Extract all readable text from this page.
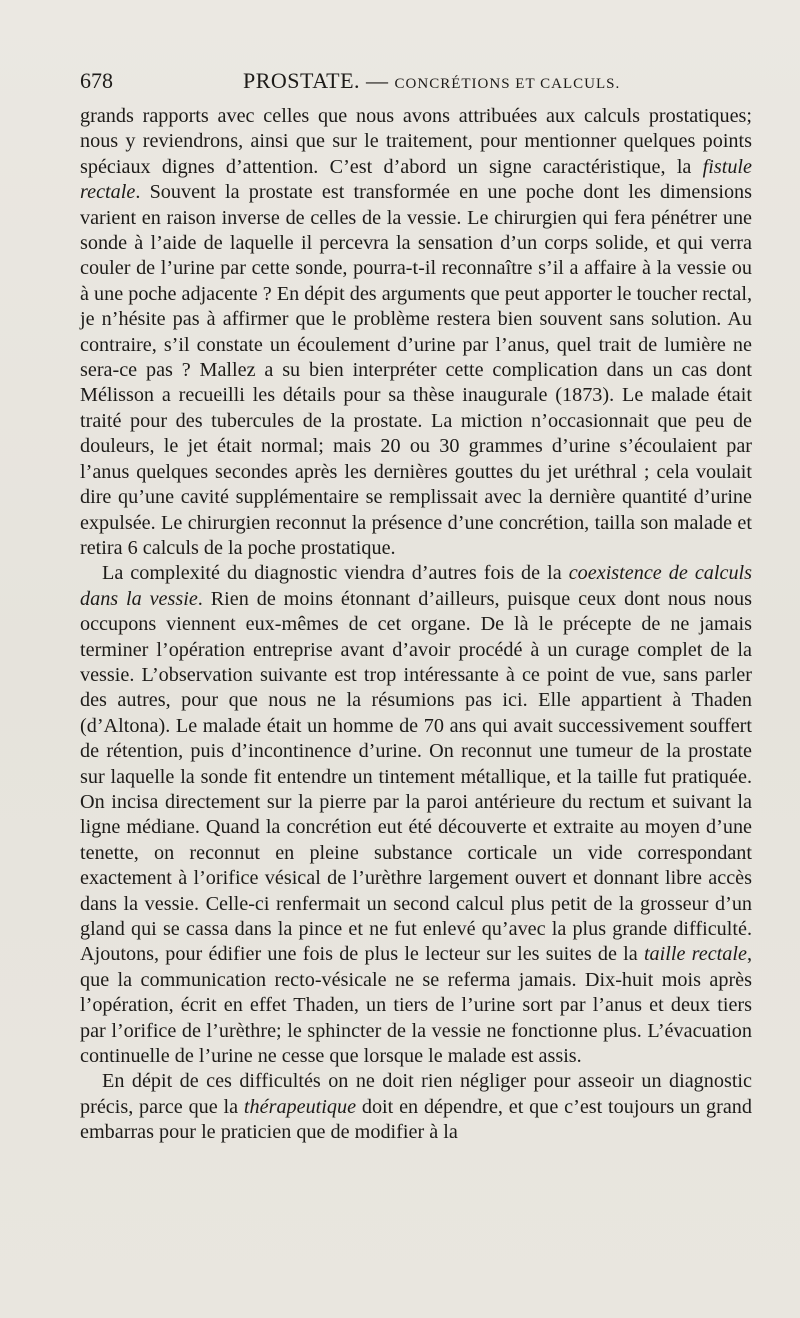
678	PROSTATE. — CONCRÉTIONS ET CALCULS.

grands rapports avec celles que nous avons attribuées aux calculs prostatiques; nous y reviendrons, ainsi que sur le traitement, pour mentionner quelques points spéciaux dignes d’attention. C’est d’abord un signe caractéristique, la fistule rectale. Souvent la prostate est transformée en une poche dont les dimensions varient en raison inverse de celles de la vessie. Le chirurgien qui fera pénétrer une sonde à l’aide de laquelle il percevra la sensation d’un corps solide, et qui verra couler de l’urine par cette sonde, pourra-t-il reconnaître s’il a affaire à la vessie ou à une poche adjacente ? En dépit des arguments que peut apporter le toucher rectal, je n’hésite pas à affirmer que le problème restera bien souvent sans solution. Au contraire, s’il constate un écoulement d’urine par l’anus, quel trait de lumière ne sera-ce pas ? Mallez a su bien interpréter cette complication dans un cas dont Mélisson a recueilli les détails pour sa thèse inaugurale (1873). Le malade était traité pour des tubercules de la prostate. La miction n’occasionnait que peu de douleurs, le jet était normal; mais 20 ou 30 grammes d’urine s’écoulaient par l’anus quelques secondes après les dernières gouttes du jet uréthral ; cela voulait dire qu’une cavité supplémentaire se remplissait avec la dernière quantité d’urine expulsée. Le chirurgien reconnut la présence d’une concrétion, tailla son malade et retira 6 calculs de la poche prostatique.

La complexité du diagnostic viendra d’autres fois de la coexistence de calculs dans la vessie. Rien de moins étonnant d’ailleurs, puisque ceux dont nous nous occupons viennent eux-mêmes de cet organe. De là le précepte de ne jamais terminer l’opération entreprise avant d’avoir procédé à un curage complet de la vessie. L’observation suivante est trop intéressante à ce point de vue, sans parler des autres, pour que nous ne la résumions pas ici. Elle appartient à Thaden (d’Altona). Le malade était un homme de 70 ans qui avait successivement souffert de rétention, puis d’incontinence d’urine. On reconnut une tumeur de la prostate sur laquelle la sonde fit entendre un tintement métallique, et la taille fut pratiquée. On incisa directement sur la pierre par la paroi antérieure du rectum et suivant la ligne médiane. Quand la concrétion eut été découverte et extraite au moyen d’une tenette, on reconnut en pleine substance corticale un vide correspondant exactement à l’orifice vésical de l’urèthre largement ouvert et donnant libre accès dans la vessie. Celle-ci renfermait un second calcul plus petit de la grosseur d’un gland qui se cassa dans la pince et ne fut enlevé qu’avec la plus grande difficulté. Ajoutons, pour édifier une fois de plus le lecteur sur les suites de la taille rectale, que la communication recto-vésicale ne se referma jamais. Dix-huit mois après l’opération, écrit en effet Thaden, un tiers de l’urine sort par l’anus et deux tiers par l’orifice de l’urèthre; le sphincter de la vessie ne fonctionne plus. L’évacuation continuelle de l’urine ne cesse que lorsque le malade est assis.

En dépit de ces difficultés on ne doit rien négliger pour asseoir un diagnostic précis, parce que la thérapeutique doit en dépendre, et que c’est toujours un grand embarras pour le praticien que de modifier à la
